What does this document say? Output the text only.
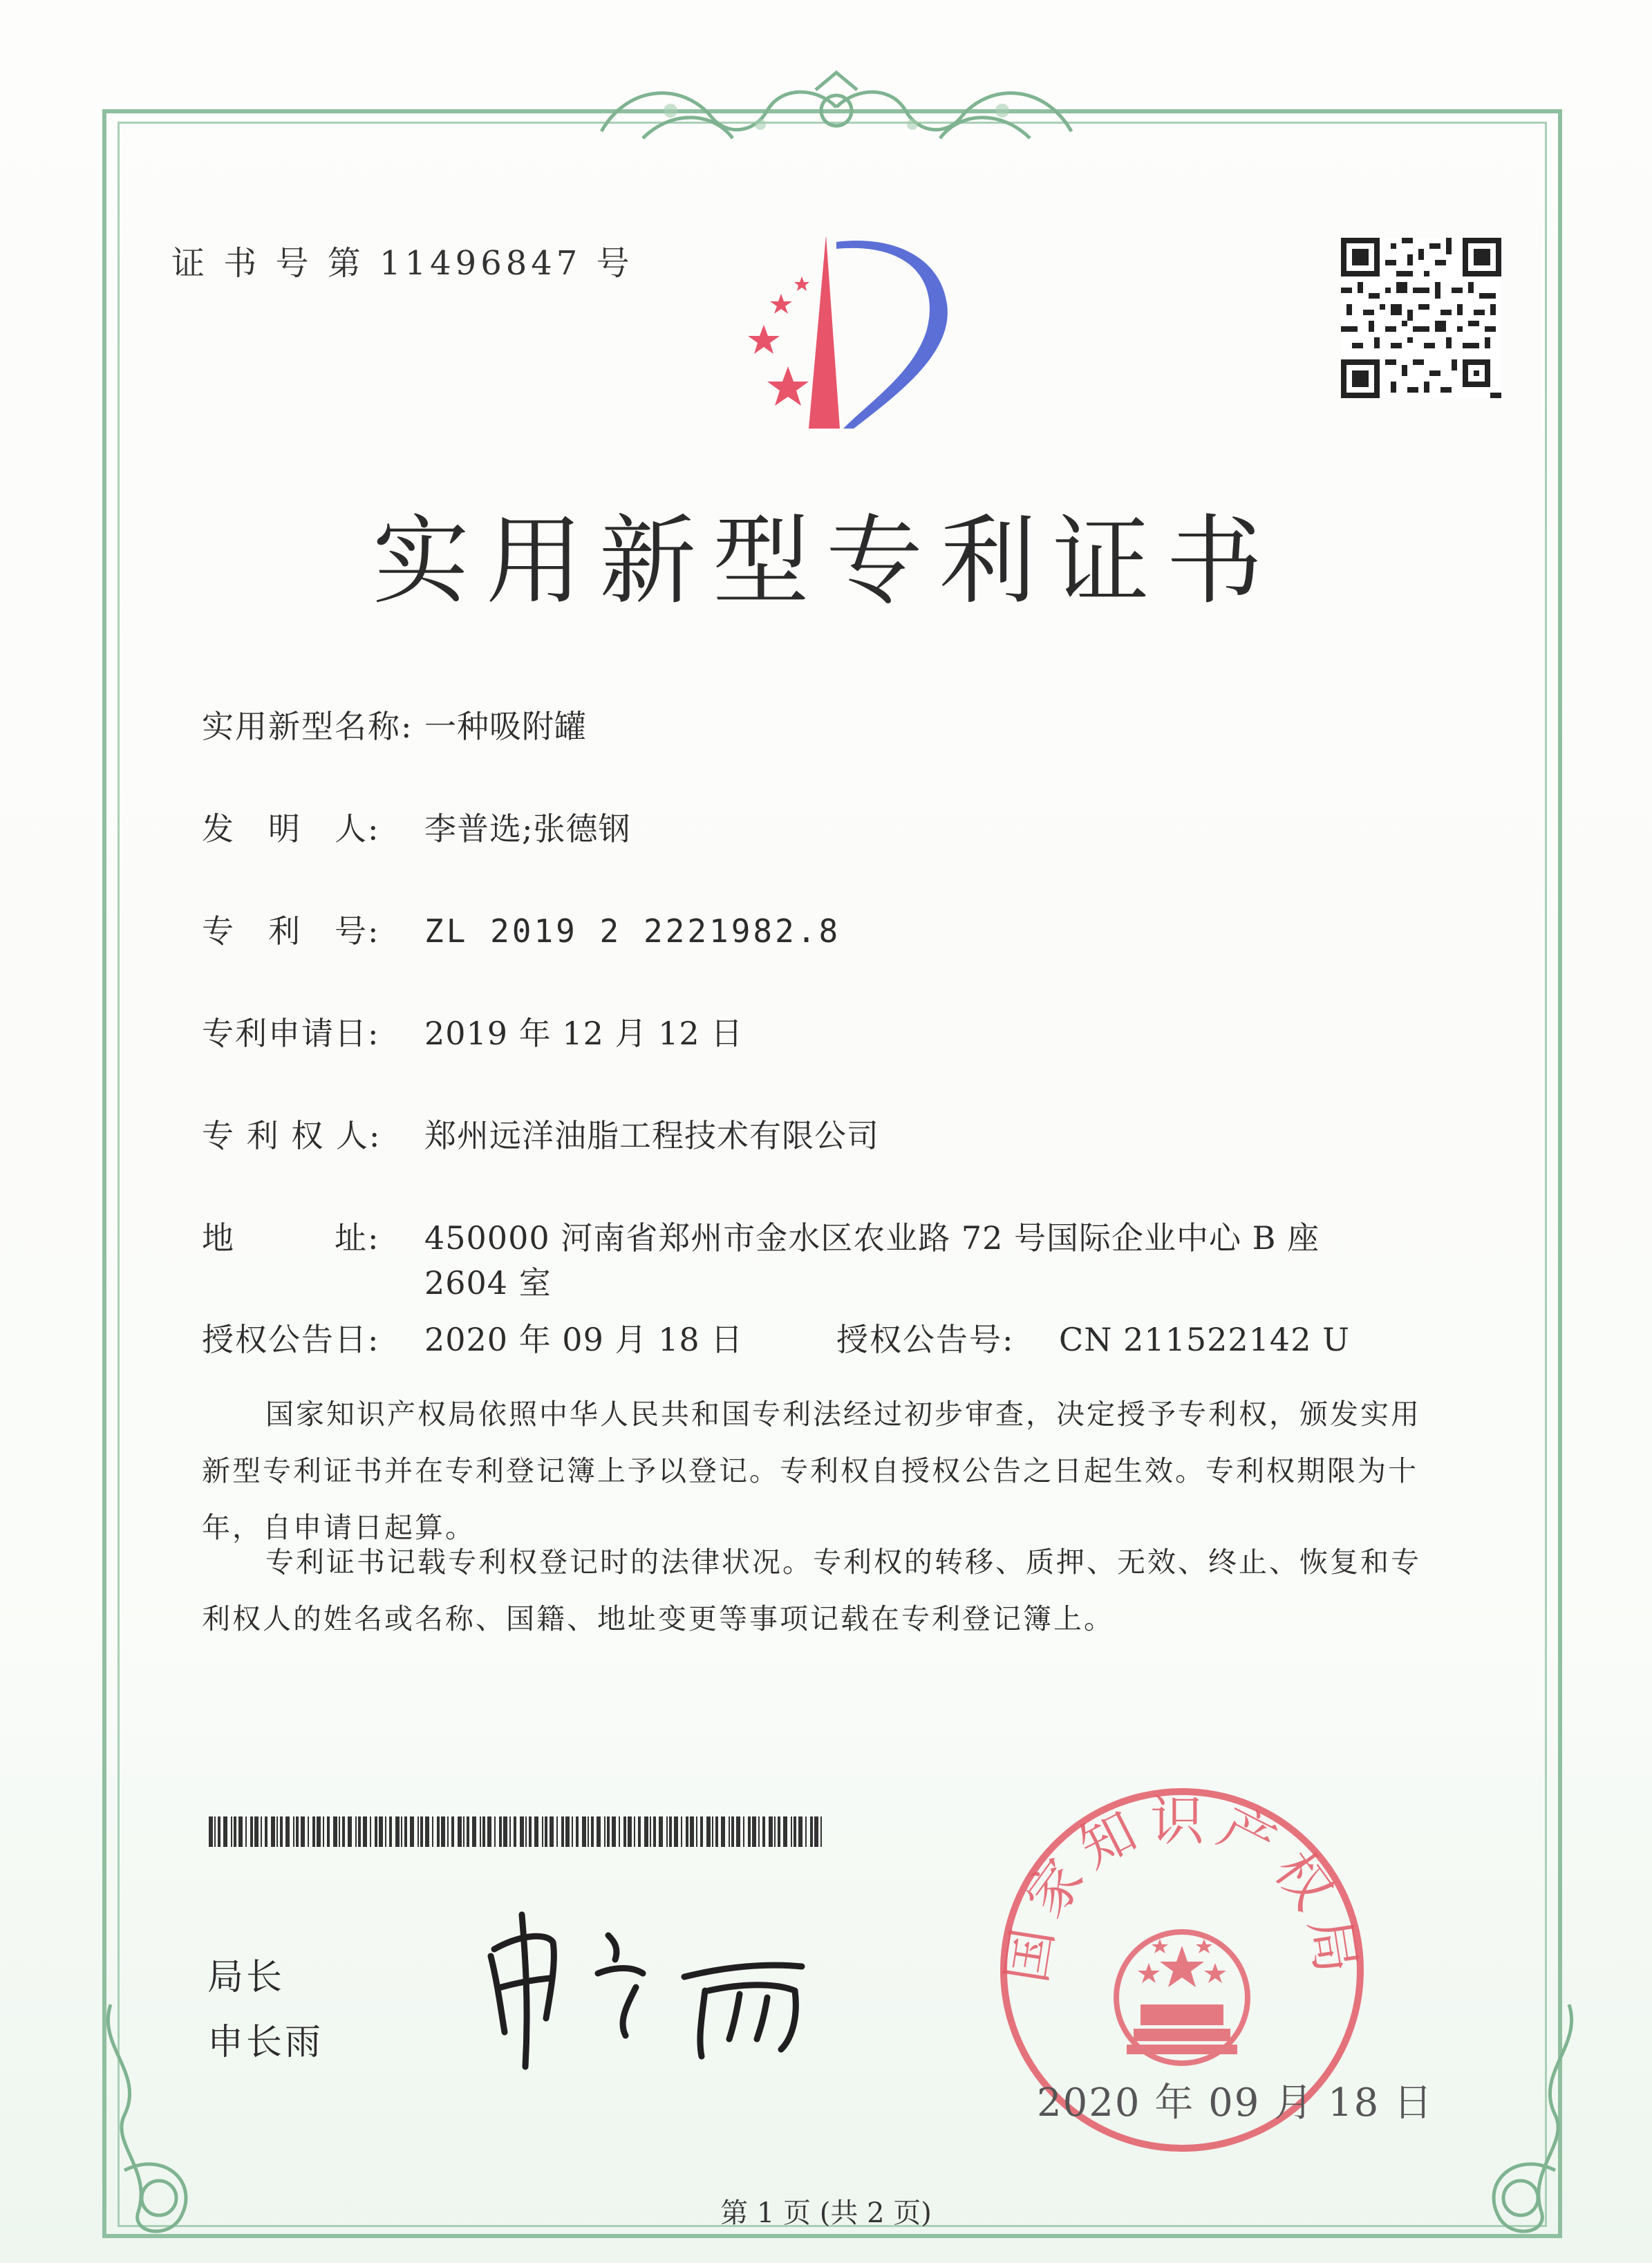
证 书 号 第 11496847 号
实用新型专利证书
实用新型名称: 一种吸附罐
发　明　人: 李普选;张德钢
专　利　号: ZL 2019 2 2221982.8
专利申请日: 2019 年 12 月 12 日
专 利 权 人: 郑州远洋油脂工程技术有限公司
地　　　址: 450000 河南省郑州市金水区农业路 72 号国际企业中心 B 座
2604 室
授权公告日: 2020 年 09 月 18 日	授权公告号: CN 211522142 U
国家知识产权局依照中华人民共和国专利法经过初步审查，决定授予专利权，颁发实用
新型专利证书并在专利登记簿上予以登记。专利权自授权公告之日起生效。专利权期限为十
年，自申请日起算。
专利证书记载专利权登记时的法律状况。专利权的转移、质押、无效、终止、恢复和专
利权人的姓名或名称、国籍、地址变更等事项记载在专利登记簿上。
局长
申长雨
国家知识产权局
2020 年 09 月 18 日
第 1 页 (共 2 页)
